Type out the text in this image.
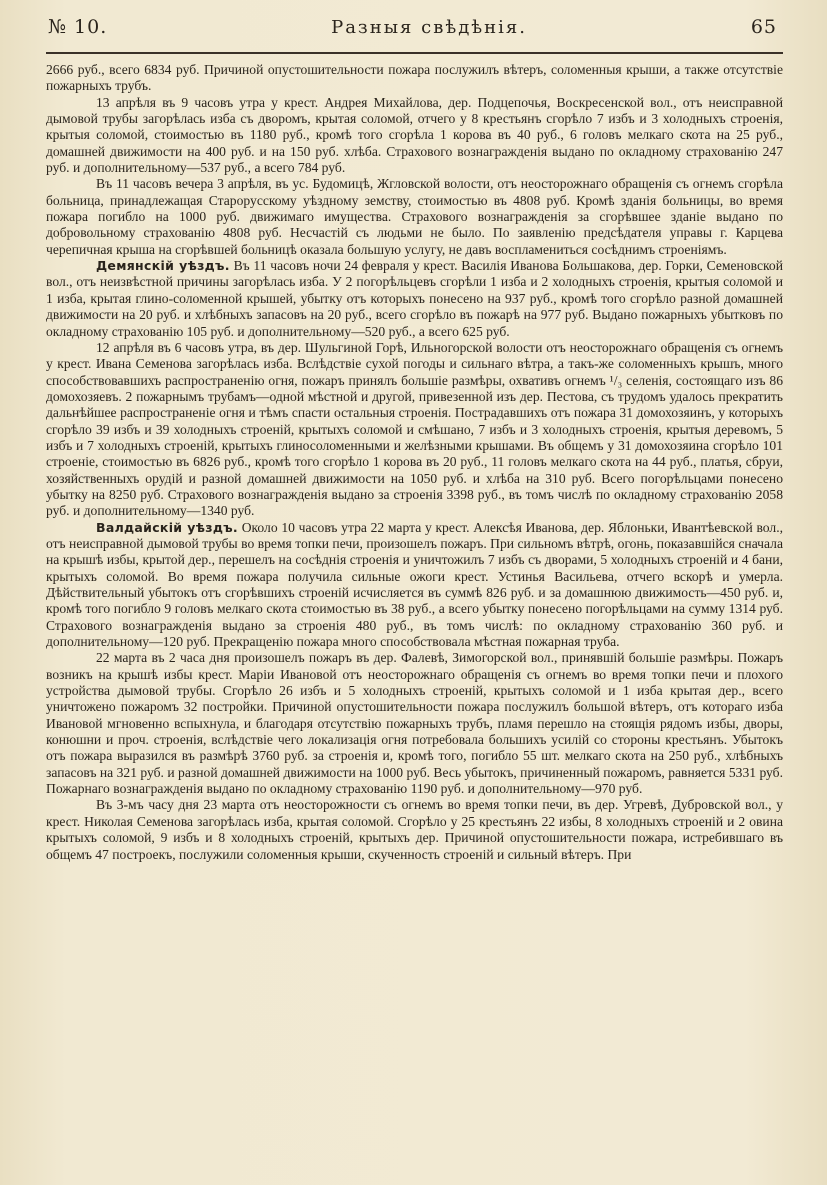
№ 10.	Разныя свѣдѣнія.	65

2666 руб., всего 6834 руб. Причиной опустошительности пожара послужилъ вѣтеръ, соломенныя крыши, а также отсутствіе пожарныхъ трубъ.

13 апрѣля въ 9 часовъ утра у крест. Андрея Михайлова, дер. Подцепочья, Воскресенской вол., отъ неисправной дымовой трубы загорѣлась изба съ дворомъ, крытая соломой, отчего у 8 крестьянъ сгорѣло 7 избъ и 3 холодныхъ строенія, крытыя соломой, стоимостью въ 1180 руб., кромѣ того сгорѣла 1 корова въ 40 руб., 6 головъ мелкаго скота на 25 руб., домашней движимости на 400 руб. и на 150 руб. хлѣба. Страхового вознагражденія выдано по окладному страхованію 247 руб. и дополнительному—537 руб., а всего 784 руб.

Въ 11 часовъ вечера 3 апрѣля, въ ус. Будомицѣ, Жгловской волости, отъ неосторожнаго обращенія съ огнемъ сгорѣла больница, принадлежащая Старорусскому уѣздному земству, стоимостью въ 4808 руб. Кромѣ зданія больницы, во время пожара погибло на 1000 руб. движимаго имущества. Страхового вознагражденія за сгорѣвшее зданіе выдано по добровольному страхованію 4808 руб. Несчастій съ людьми не было. По заявленію предсѣдателя управы г. Карцева черепичная крыша на сгорѣвшей больницѣ оказала большую услугу, не давъ воспламениться сосѣднимъ строеніямъ.

Демянскій уѣздъ. Въ 11 часовъ ночи 24 февраля у крест. Василія Иванова Большакова, дер. Горки, Семеновской вол., отъ неизвѣстной причины загорѣлась изба. У 2 погорѣльцевъ сгорѣли 1 изба и 2 холодныхъ строенія, крытыя соломой и 1 изба, крытая глино-соломенной крышей, убытку отъ которыхъ понесено на 937 руб., кромѣ того сгорѣло разной домашней движимости на 20 руб. и хлѣбныхъ запасовъ на 20 руб., всего сгорѣло въ пожарѣ на 977 руб. Выдано пожарныхъ убытковъ по окладному страхованію 105 руб. и дополнительному—520 руб., а всего 625 руб.

12 апрѣля въ 6 часовъ утра, въ дер. Шульгиной Горѣ, Ильногорской волости отъ неосторожнаго обращенія съ огнемъ у крест. Ивана Семенова загорѣлась изба. Вслѣдствіе сухой погоды и сильнаго вѣтра, а такъ-же соломенныхъ крышъ, много способствовавшихъ распространенію огня, пожаръ принялъ большіе размѣры, охвативъ огнемъ ¹/₃ селенія, состоящаго изъ 86 домохозяевъ. 2 пожарнымъ трубамъ—одной мѣстной и другой, привезенной изъ дер. Пестова, съ трудомъ удалось прекратить дальнѣйшее распространеніе огня и тѣмъ спасти остальныя строенія. Пострадавшихъ отъ пожара 31 домохозяинъ, у которыхъ сгорѣло 39 избъ и 39 холодныхъ строеній, крытыхъ соломой и смѣшано, 7 избъ и 3 холодныхъ строенія, крытыя деревомъ, 5 избъ и 7 холодныхъ строеній, крытыхъ глиносоломенными и желѣзными крышами. Въ общемъ у 31 домохозяина сгорѣло 101 строеніе, стоимостью въ 6826 руб., кромѣ того сгорѣло 1 корова въ 20 руб., 11 головъ мелкаго скота на 44 руб., платья, сбруи, хозяйственныхъ орудій и разной домашней движимости на 1050 руб. и хлѣба на 310 руб. Всего погорѣльцами понесено убытку на 8250 руб. Страхового вознагражденія выдано за строенія 3398 руб., въ томъ числѣ по окладному страхованію 2058 руб. и дополнительному—1340 руб.

Валдайскій уѣздъ. Около 10 часовъ утра 22 марта у крест. Алексѣя Иванова, дер. Яблоньки, Ивантѣевской вол., отъ неисправной дымовой трубы во время топки печи, произошелъ пожаръ. При сильномъ вѣтрѣ, огонь, показавшійся сначала на крышѣ избы, крытой дер., перешелъ на сосѣднія строенія и уничтожилъ 7 избъ съ дворами, 5 холодныхъ строеній и 4 бани, крытыхъ соломой. Во время пожара получила сильные ожоги крест. Устинья Васильева, отчего вскорѣ и умерла. Дѣйствительный убытокъ отъ сгорѣвшихъ строеній исчисляется въ суммѣ 826 руб. и за домашнюю движимость—450 руб. и, кромѣ того погибло 9 головъ мелкаго скота стоимостью въ 38 руб., а всего убытку понесено погорѣльцами на сумму 1314 руб. Страхового вознагражденія выдано за строенія 480 руб., въ томъ числѣ: по окладному страхованію 360 руб. и дополнительному—120 руб. Прекращенію пожара много способствовала мѣстная пожарная труба.

22 марта въ 2 часа дня произошелъ пожаръ въ дер. Фалевѣ, Зимогорской вол., принявшій большіе размѣры. Пожаръ возникъ на крышѣ избы крест. Маріи Ивановой отъ неосторожнаго обращенія съ огнемъ во время топки печи и плохого устройства дымовой трубы. Сгорѣло 26 избъ и 5 холодныхъ строеній, крытыхъ соломой и 1 изба крытая дер., всего уничтожено пожаромъ 32 постройки. Причиной опустошительности пожара послужилъ большой вѣтеръ, отъ котораго изба Ивановой мгновенно вспыхнула, и благодаря отсутствію пожарныхъ трубъ, пламя перешло на стоящія рядомъ избы, дворы, конюшни и проч. строенія, вслѣдствіе чего локализація огня потребовала большихъ усилій со стороны крестьянъ. Убытокъ отъ пожара выразился въ размѣрѣ 3760 руб. за строенія и, кромѣ того, погибло 55 шт. мелкаго скота на 250 руб., хлѣбныхъ запасовъ на 321 руб. и разной домашней движимости на 1000 руб. Весь убытокъ, причиненный пожаромъ, равняется 5331 руб. Пожарнаго вознагражденія выдано по окладному страхованію 1190 руб. и дополнительному—970 руб.

Въ 3-мъ часу дня 23 марта отъ неосторожности съ огнемъ во время топки печи, въ дер. Угревѣ, Дубровской вол., у крест. Николая Семенова загорѣлась изба, крытая соломой. Сгорѣло у 25 крестьянъ 22 избы, 8 холодныхъ строеній и 2 овина крытыхъ соломой, 9 избъ и 8 холодныхъ строеній, крытыхъ дер. Причиной опустошительности пожара, истребившаго въ общемъ 47 построекъ, послужили соломенныя крыши, скученность строеній и сильный вѣтеръ. При
